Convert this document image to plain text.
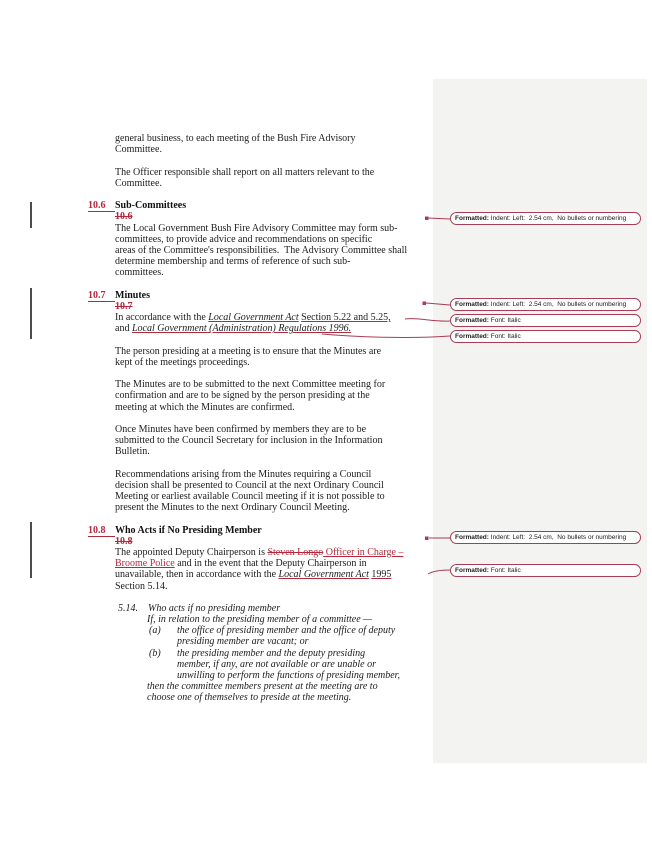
general business, to each meeting of the Bush Fire Advisory
Committee.
The Officer responsible shall report on all matters relevant to the
Committee.
10.6 Sub-Committees
10.6
The Local Government Bush Fire Advisory Committee may form sub-
committees, to provide advice and recommendations on specific
areas of the Committee's responsibilities.  The Advisory Committee shall
determine membership and terms of reference of such sub-
committees.
10.7 Minutes
10.7
In accordance with the Local Government Act Section 5.22 and 5.25,
and Local Government (Administration) Regulations 1996.
The person presiding at a meeting is to ensure that the Minutes are
kept of the meetings proceedings.
The Minutes are to be submitted to the next Committee meeting for
confirmation and are to be signed by the person presiding at the
meeting at which the Minutes are confirmed.
Once Minutes have been confirmed by members they are to be
submitted to the Council Secretary for inclusion in the Information
Bulletin.
Recommendations arising from the Minutes requiring a Council
decision shall be presented to Council at the next Ordinary Council
Meeting or earliest available Council meeting if it is not possible to
present the Minutes to the next Ordinary Council Meeting.
10.8 Who Acts if No Presiding Member
10.8
The appointed Deputy Chairperson is Steven Longo Officer in Charge –
Broome Police and in the event that the Deputy Chairperson in
unavailable, then in accordance with the Local Government Act 1995
Section 5.14.
5.14. Who acts if no presiding member
If, in relation to the presiding member of a committee —
(a) the office of presiding member and the office of deputy
presiding member are vacant; or
(b) the presiding member and the deputy presiding
member, if any, are not available or are unable or
unwilling to perform the functions of presiding member,
then the committee members present at the meeting are to
choose one of themselves to preside at the meeting.
Formatted: Indent: Left:  2.54 cm,  No bullets or numbering
Formatted: Indent: Left:  2.54 cm,  No bullets or numbering
Formatted: Font: Italic
Formatted: Font: Italic
Formatted: Indent: Left:  2.54 cm,  No bullets or numbering
Formatted: Font: Italic
